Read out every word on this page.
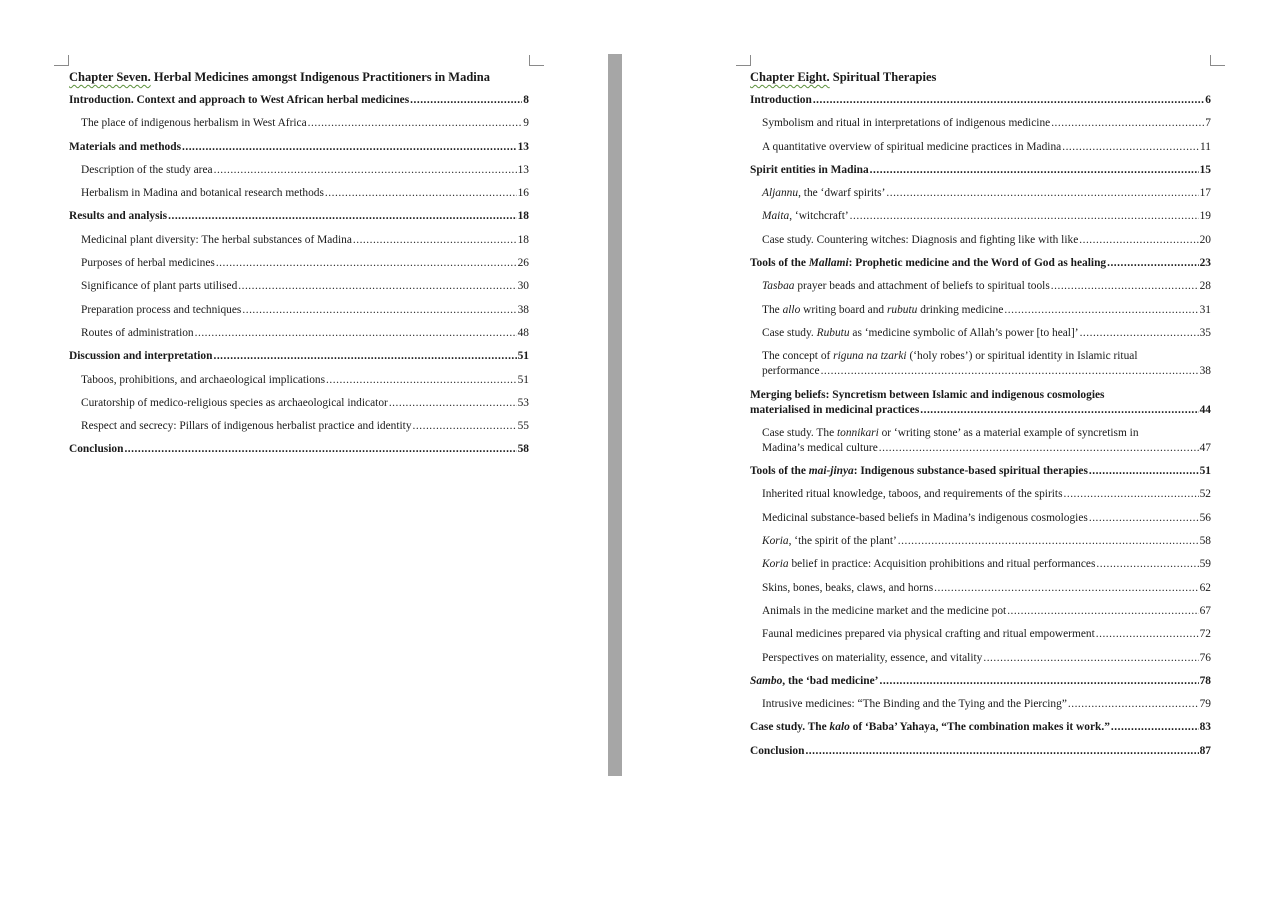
Chapter Seven. Herbal Medicines amongst Indigenous Practitioners in Madina
Introduction. Context and approach to West African herbal medicines .....	8
The place of indigenous herbalism in West Africa .....	9
Materials and methods .....	13
Description of the study area .....	13
Herbalism in Madina and botanical research methods .....	16
Results and analysis .....	18
Medicinal plant diversity: The herbal substances of Madina .....	18
Purposes of herbal medicines .....	26
Significance of plant parts utilised .....	30
Preparation process and techniques .....	38
Routes of administration .....	48
Discussion and interpretation .....	51
Taboos, prohibitions, and archaeological implications .....	51
Curatorship of medico-religious species as archaeological indicator .....	53
Respect and secrecy: Pillars of indigenous herbalist practice and identity .....	55
Conclusion .....	58
Chapter Eight. Spiritual Therapies
Introduction .....	6
Symbolism and ritual in interpretations of indigenous medicine .....	7
A quantitative overview of spiritual medicine practices in Madina .....	11
Spirit entities in Madina .....	15
Aljannu, the ‘dwarf spirits’ .....	17
Maita, ‘witchcraft’ .....	19
Case study. Countering witches: Diagnosis and fighting like with like .....	20
Tools of the Mallami: Prophetic medicine and the Word of God as healing .....	23
Tasbaa prayer beads and attachment of beliefs to spiritual tools .....	28
The allo writing board and rubutu drinking medicine .....	31
Case study. Rubutu as ‘medicine symbolic of Allah’s power [to heal]’ .....	35
The concept of riguna na tzarki (‘holy robes’) or spiritual identity in Islamic ritual
performance .....	38
Merging beliefs: Syncretism between Islamic and indigenous cosmologies
materialised in medicinal practices .....	44
Case study. The tonnikari or ‘writing stone’ as a material example of syncretism in
Madina’s medical culture .....	47
Tools of the mai-jinya: Indigenous substance-based spiritual therapies .....	51
Inherited ritual knowledge, taboos, and requirements of the spirits .....	52
Medicinal substance-based beliefs in Madina’s indigenous cosmologies .....	56
Koria, ‘the spirit of the plant’ .....	58
Koria belief in practice: Acquisition prohibitions and ritual performances .....	59
Skins, bones, beaks, claws, and horns .....	62
Animals in the medicine market and the medicine pot .....	67
Faunal medicines prepared via physical crafting and ritual empowerment .....	72
Perspectives on materiality, essence, and vitality .....	76
Sambo, the ‘bad medicine’ .....	78
Intrusive medicines: “The Binding and the Tying and the Piercing” .....	79
Case study. The kalo of ‘Baba’ Yahaya, “The combination makes it work.” .....	83
Conclusion .....	87
